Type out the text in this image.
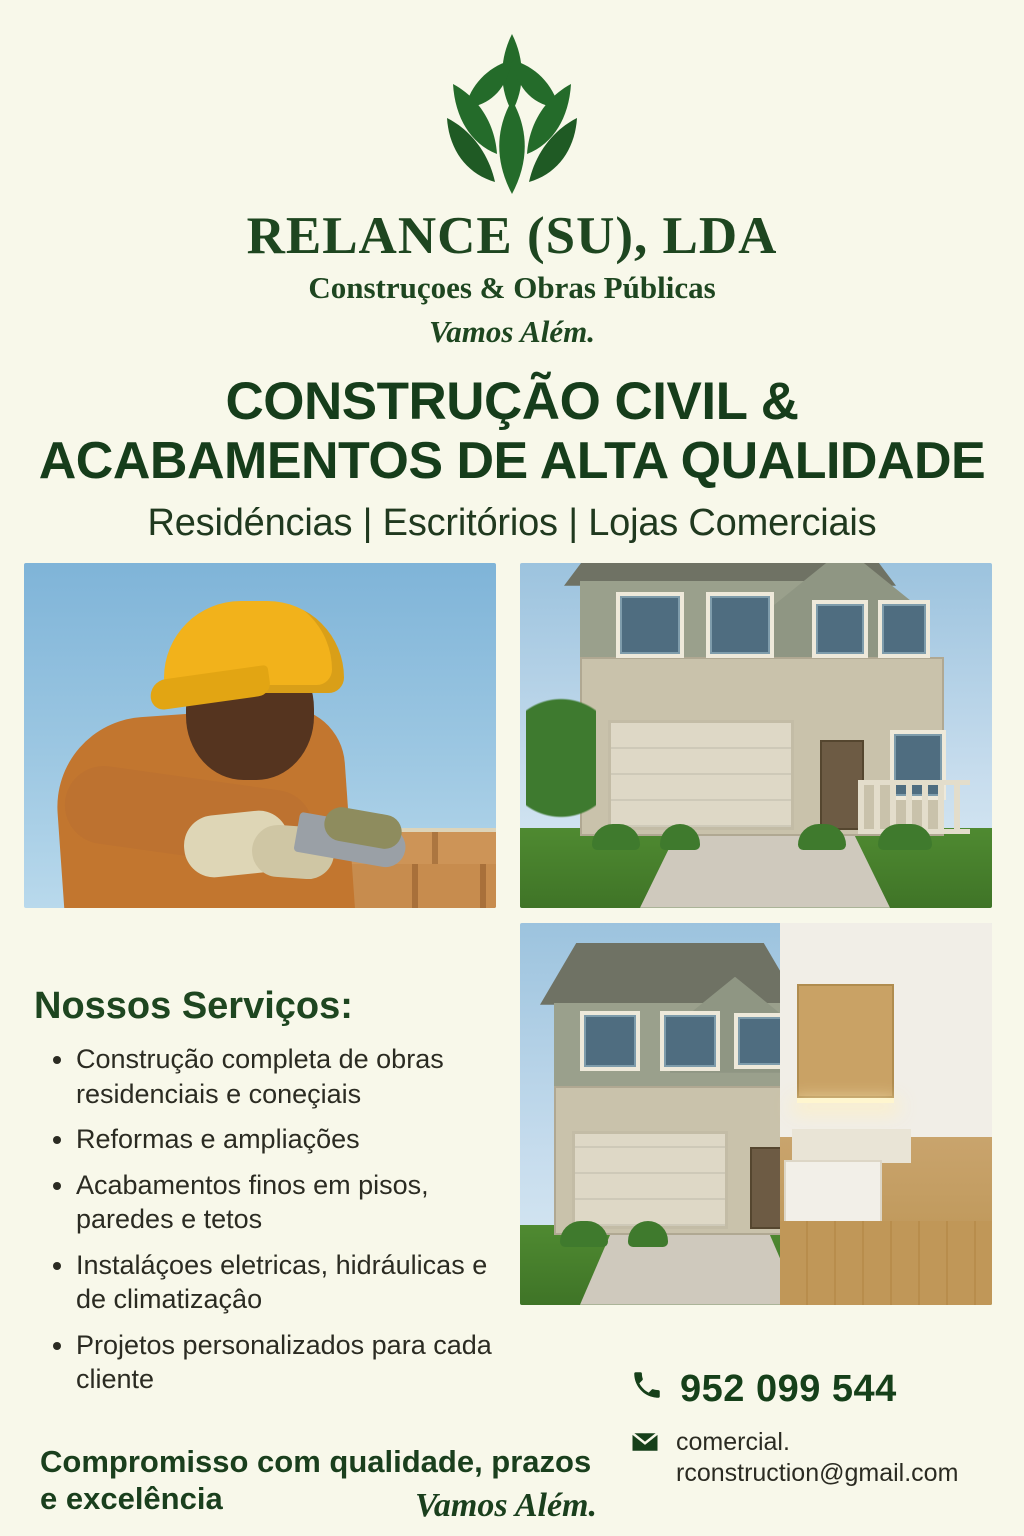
RELANCE (SU), LDA
Construçoes & Obras Públicas
Vamos Além.
CONSTRUÇÃO CIVIL &
ACABAMENTOS DE ALTA QUALIDADE
Residéncias | Escritórios | Lojas Comerciais
Nossos Serviços:
• Construção completa de obras residenciais e coneçiais
• Reformas e ampliações
• Acabamentos finos em pisos, paredes e tetos
• Instaláçoes eletricas, hidráulicas e de climatizaçâo
• Projetos personalizados para cada cliente
Compromisso com qualidade, prazos e excelência
952 099 544
comercial. rconstruction@gmail.com
Vamos Além.
